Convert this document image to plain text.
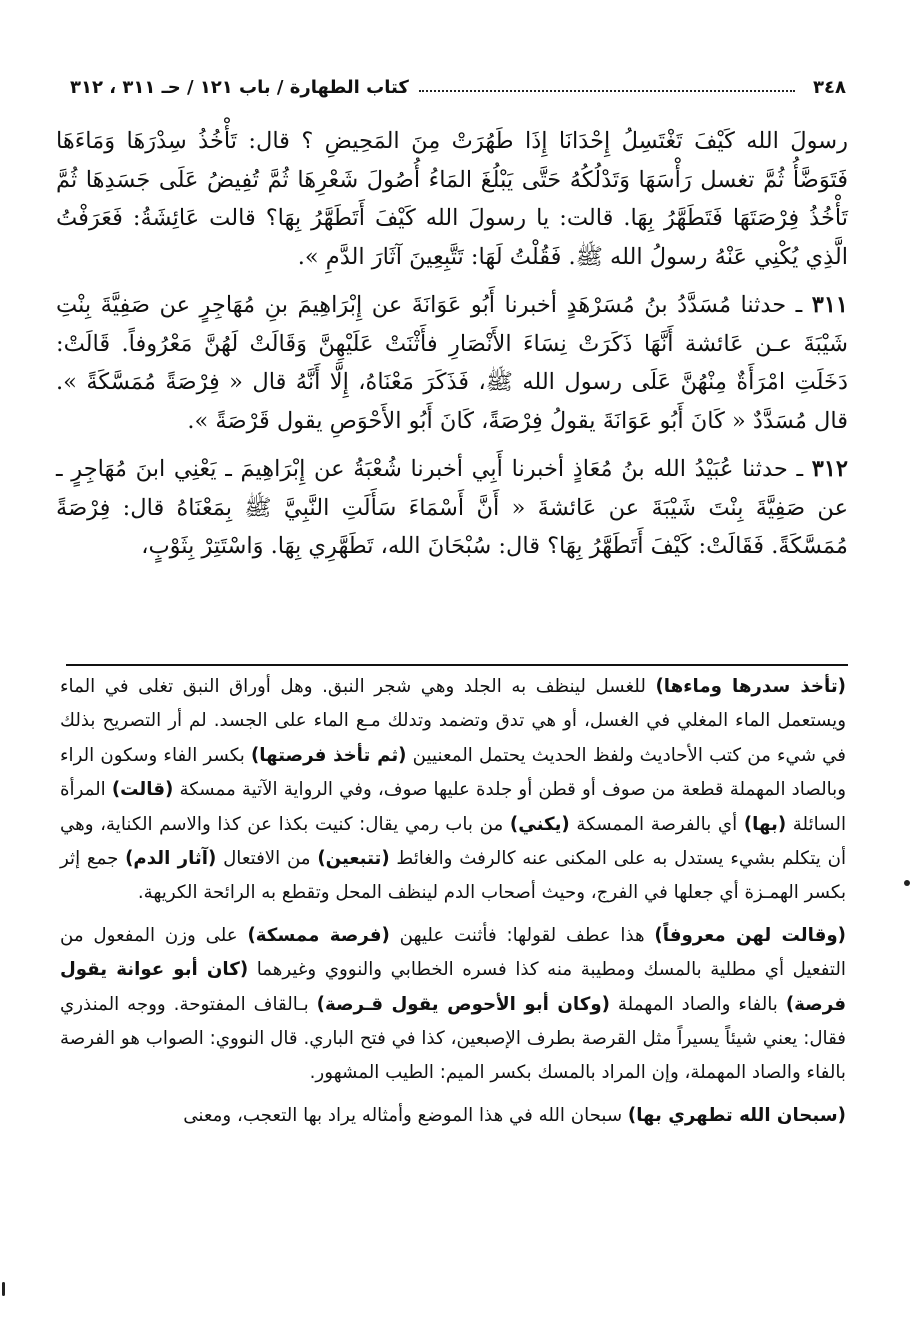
٣٤٨
كتاب الطهارة / باب ١٢١ / حـ ٣١١ ، ٣١٢

رسولَ الله كَيْفَ تَغْتَسِلُ إِحْدَانَا إِذَا طَهُرَتْ مِنَ المَحِيضِ ؟ قال: تَأْخُذُ سِدْرَهَا وَمَاءَهَا فَتَوَضَّأُ ثُمَّ تغسل رَأْسَهَا وَتَدْلُكُهُ حَتَّى يَبْلُغَ المَاءُ أُصُولَ شَعْرِهَا ثُمَّ تُفِيضُ عَلَى جَسَدِهَا ثُمَّ تَأْخُذُ فِرْصَتَهَا فَتَطَهَّرُ بِهَا. قالت: يا رسولَ الله كَيْفَ أَتَطَهَّرُ بِهَا؟ قالت عَائِشَةُ: فَعَرَفْتُ الَّذِي يُكْنِي عَنْهُ رسولُ الله ﷺ. فَقُلْتُ لَهَا: تَتَّبِعِينَ آثَارَ الدَّمِ ».

٣١١ ـ حدثنا مُسَدَّدُ بنُ مُسَرْهَدٍ أخبرنا أَبُو عَوَانَةَ عن إِبْرَاهِيمَ بنِ مُهَاجِرٍ عن صَفِيَّةَ بِنْتِ شَيْبَةَ عـن عَائشة أَنَّهَا ذَكَرَتْ نِسَاءَ الأَنْصَارِ فأَثْنَتْ عَلَيْهِنَّ وَقَالَتْ لَهُنَّ مَعْرُوفاً. قَالَتْ: دَخَلَتِ امْرَأَةٌ مِنْهُنَّ عَلَى رسول الله ﷺ، فَذَكَرَ مَعْنَاهُ، إِلَّا أَنَّهُ قال « فِرْصَةً مُمَسَّكَةً ». قال مُسَدَّدٌ « كَانَ أَبُو عَوَانَةَ يقولُ فِرْصَةً، كَانَ أَبُو الأَحْوَصِ يقول قَرْصَةً ».

٣١٢ ـ حدثنا عُبَيْدُ الله بنُ مُعَاذٍ أخبرنا أَبِي أخبرنا شُعْبَةُ عن إِبْرَاهِيمَ ـ يَعْنِي ابنَ مُهَاجِرٍ ـ عن صَفِيَّةَ بِنْتَ شَيْبَةَ عن عَائشةَ « أَنَّ أَسْمَاءَ سَأَلَتِ النَّبِيَّ ﷺ بِمَعْنَاهُ قال: فِرْصَةً مُمَسَّكَةً. فَقَالَتْ: كَيْفَ أَتَطَهَّرُ بِهَا؟ قال: سُبْحَانَ الله، تَطَهَّرِي بِهَا. وَاسْتَتِرْ بِثَوْبٍ،

(تأخذ سدرها وماءها) للغسل لينظف به الجلد وهي شجر النبق. وهل أوراق النبق تغلى في الماء ويستعمل الماء المغلي في الغسل، أو هي تدق وتضمد وتدلك مـع الماء على الجسد. لم أر التصريح بذلك في شيء من كتب الأحاديث ولفظ الحديث يحتمل المعنيين (ثم تأخذ فرصتها) بكسر الفاء وسكون الراء وبالصاد المهملة قطعة من صوف أو قطن أو جلدة عليها صوف، وفي الرواية الآتية ممسكة (قالت) المرأة السائلة (بها) أي بالفرصة الممسكة (يكني) من باب رمي يقال: كنيت بكذا عن كذا والاسم الكناية، وهي أن يتكلم بشيء يستدل به على المكنى عنه كالرفث والغائط (تتبعين) من الافتعال (آثار الدم) جمع إثر بكسر الهمـزة أي جعلها في الفرج، وحيث أصحاب الدم لينظف المحل وتقطع به الرائحة الكريهة.

(وقالت لهن معروفاً) هذا عطف لقولها: فأثنت عليهن (فرصة ممسكة) على وزن المفعول من التفعيل أي مطلية بالمسك ومطيبة منه كذا فسره الخطابي والنووي وغيرهما (كان أبو عوانة يقول فرصة) بالفاء والصاد المهملة (وكان أبو الأحوص يقول قـرصة) بـالقاف المفتوحة. ووجه المنذري فقال: يعني شيئاً يسيراً مثل القرصة بطرف الإصبعين، كذا في فتح الباري. قال النووي: الصواب هو الفرصة بالفاء والصاد المهملة، وإن المراد بالمسك بكسر الميم: الطيب المشهور.

(سبحان الله تطهري بها) سبحان الله في هذا الموضع وأمثاله يراد بها التعجب، ومعنى
